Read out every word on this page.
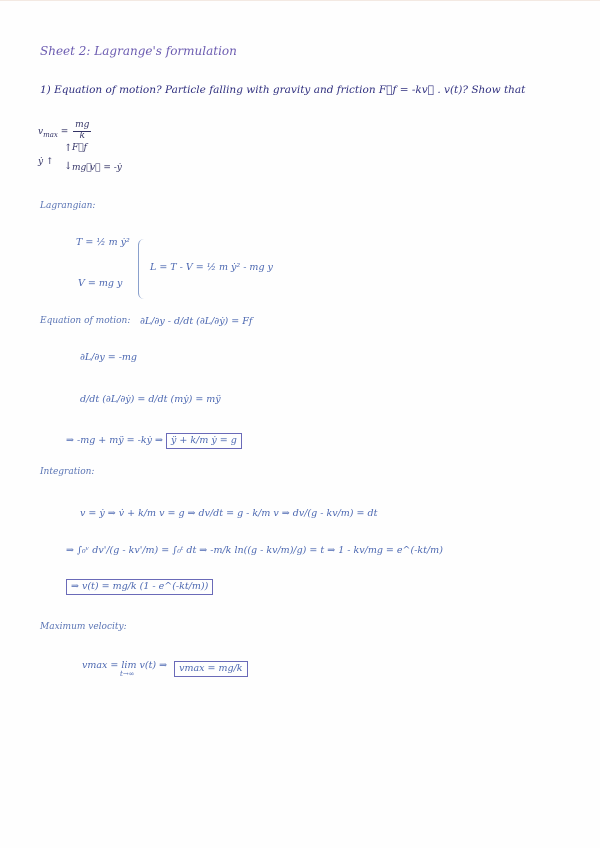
Sheet 2: Lagrange's formulation
1) Equation of motion? Particle falling with gravity and friction F⃗f = -kv⃗ . v(t)? Show that
$v_{max} = \frac{mg}{k}$
ẏ ↑
↑ F⃗f
↓ mg⃗
v⃗ = -ẏ
Lagrangian:
T = ½ m ẏ²
V = mg y
L = T - V = ½ m ẏ² - mg y
Equation of motion: ∂L/∂y - d/dt (∂L/∂ẏ) = Ff
∂L/∂y = -mg
d/dt (∂L/∂ẏ) = d/dt (mẏ) = mÿ
⇒ -mg + mÿ = -kẏ ⇒ ÿ + k/m ẏ = g
Integration:
v = ẏ ⇒ v̇ + k/m v = g ⇒ dv/dt = g - k/m v ⇒ dv/(g - kv/m) = dt
⇒ ∫₀ᵛ dv'/(g - kv'/m) = ∫₀ᵗ dt ⇒ -m/k ln((g - kv/m)/g) = t ⇒ 1 - kv/mg = e^(-kt/m)
⇒ v(t) = mg/k (1 - e^(-kt/m))
Maximum velocity:
vmax = lim v(t) ⇒
t→∞	vmax = mg/k
